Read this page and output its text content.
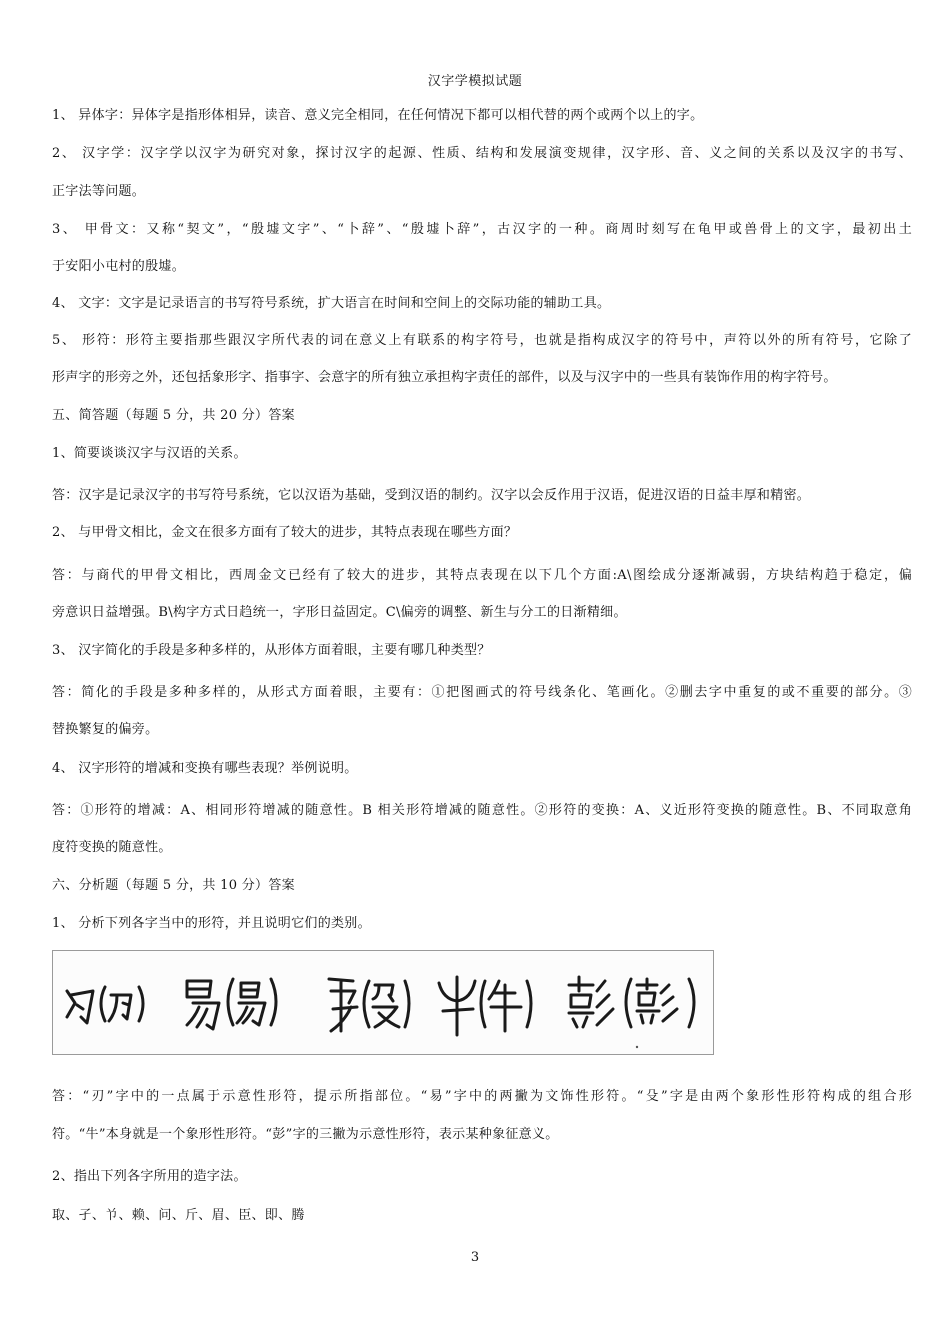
汉字学模拟试题
1、 异体字：异体字是指形体相异，读音、意义完全相同，在任何情况下都可以相代替的两个或两个以上的字。
2、 汉字学：汉字学以汉字为研究对象，探讨汉字的起源、性质、结构和发展演变规律，汉字形、音、义之间的关系以及汉字的书写、
正字法等问题。
3、 甲骨文：又称“契文”，“殷墟文字”、“卜辞”、“殷墟卜辞”，古汉字的一种。商周时刻写在龟甲或兽骨上的文字，最初出土
于安阳小屯村的殷墟。
4、 文字：文字是记录语言的书写符号系统，扩大语言在时间和空间上的交际功能的辅助工具。
5、 形符：形符主要指那些跟汉字所代表的词在意义上有联系的构字符号，也就是指构成汉字的符号中，声符以外的所有符号，它除了
形声字的形旁之外，还包括象形字、指事字、会意字的所有独立承担构字责任的部件，以及与汉字中的一些具有装饰作用的构字符号。
五、简答题（每题 5 分，共 20 分）答案
1、简要谈谈汉字与汉语的关系。
答：汉字是记录汉字的书写符号系统，它以汉语为基础，受到汉语的制约。汉字以会反作用于汉语，促进汉语的日益丰厚和精密。
2、 与甲骨文相比，金文在很多方面有了较大的进步，其特点表现在哪些方面？
答：与商代的甲骨文相比，西周金文已经有了较大的进步，其特点表现在以下几个方面:A\图绘成分逐渐减弱，方块结构趋于稳定，偏
旁意识日益增强。B\构字方式日趋统一，字形日益固定。C\偏旁的调整、新生与分工的日渐精细。
3、 汉字简化的手段是多种多样的，从形体方面着眼，主要有哪几种类型？
答：简化的手段是多种多样的，从形式方面着眼，主要有：①把图画式的符号线条化、笔画化。②删去字中重复的或不重要的部分。③
替换繁复的偏旁。
4、 汉字形符的增减和变换有哪些表现？举例说明。
答：①形符的增减：A、相同形符增减的随意性。B 相关形符增减的随意性。②形符的变换：A、义近形符变换的随意性。B、不同取意角
度符变换的随意性。
六、分析题（每题 5 分，共 10 分）答案
1、 分析下列各字当中的形符，并且说明它们的类别。
答：“刃”字中的一点属于示意性形符，提示所指部位。“易”字中的两撇为文饰性形符。“殳”字是由两个象形性形符构成的组合形
符。“牛”本身就是一个象形性形符。“彭”字的三撇为示意性形符，表示某种象征意义。
2、指出下列各字所用的造字法。
取、孑、兯、赖、问、斤、眉、臣、即、腾
3
